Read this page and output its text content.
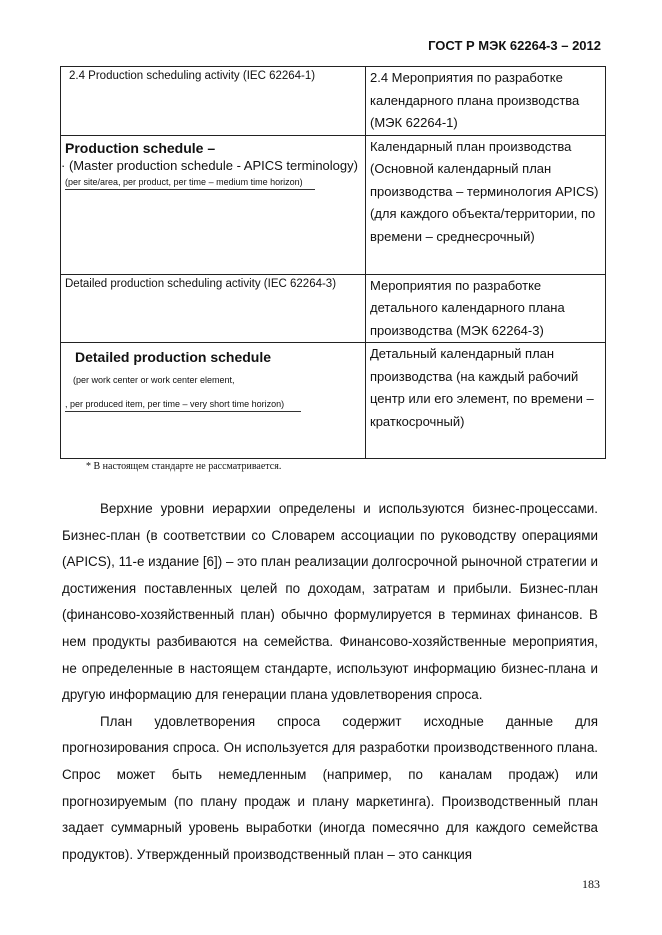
ГОСТ Р МЭК 62264-3 – 2012
2.4 Production scheduling activity (IEC 62264-1)	2.4 Мероприятия по разработке календарного плана производства (МЭК 62264-1)

Production schedule –
· (Master production schedule - APICS terminology)
(per site/area, per product, per time – medium time horizon)	Календарный план производства (Основной календарный план производства – терминология APICS) (для каждого объекта/территории, по времени – среднесрочный)

Detailed production scheduling activity (IEC 62264-3)	Мероприятия по разработке детального календарного плана производства (МЭК 62264-3)

Detailed production schedule
(per work center or work center element,
, per produced item, per time – very short time horizon)	Детальный календарный план производства (на каждый рабочий центр или его элемент, по времени – краткосрочный)
* В настоящем стандарте не рассматривается.

Верхние уровни иерархии определены и используются бизнес-процессами. Бизнес-план (в соответствии со Словарем ассоциации по руководству операциями (APICS), 11-е издание [6]) – это план реализации долгосрочной рыночной стратегии и достижения поставленных целей по доходам, затратам и прибыли. Бизнес-план (финансово-хозяйственный план) обычно формулируется в терминах финансов. В нем продукты разбиваются на семейства. Финансово-хозяйственные мероприятия, не определенные в настоящем стандарте, используют информацию бизнес-плана и другую информацию для генерации плана удовлетворения спроса.

План удовлетворения спроса содержит исходные данные для прогнозирования спроса. Он используется для разработки производственного плана. Спрос может быть немедленным (например, по каналам продаж) или прогнозируемым (по плану продаж и плану маркетинга). Производственный план задает суммарный уровень выработки (иногда помесячно для каждого семейства продуктов). Утвержденный производственный план – это санкция

183
